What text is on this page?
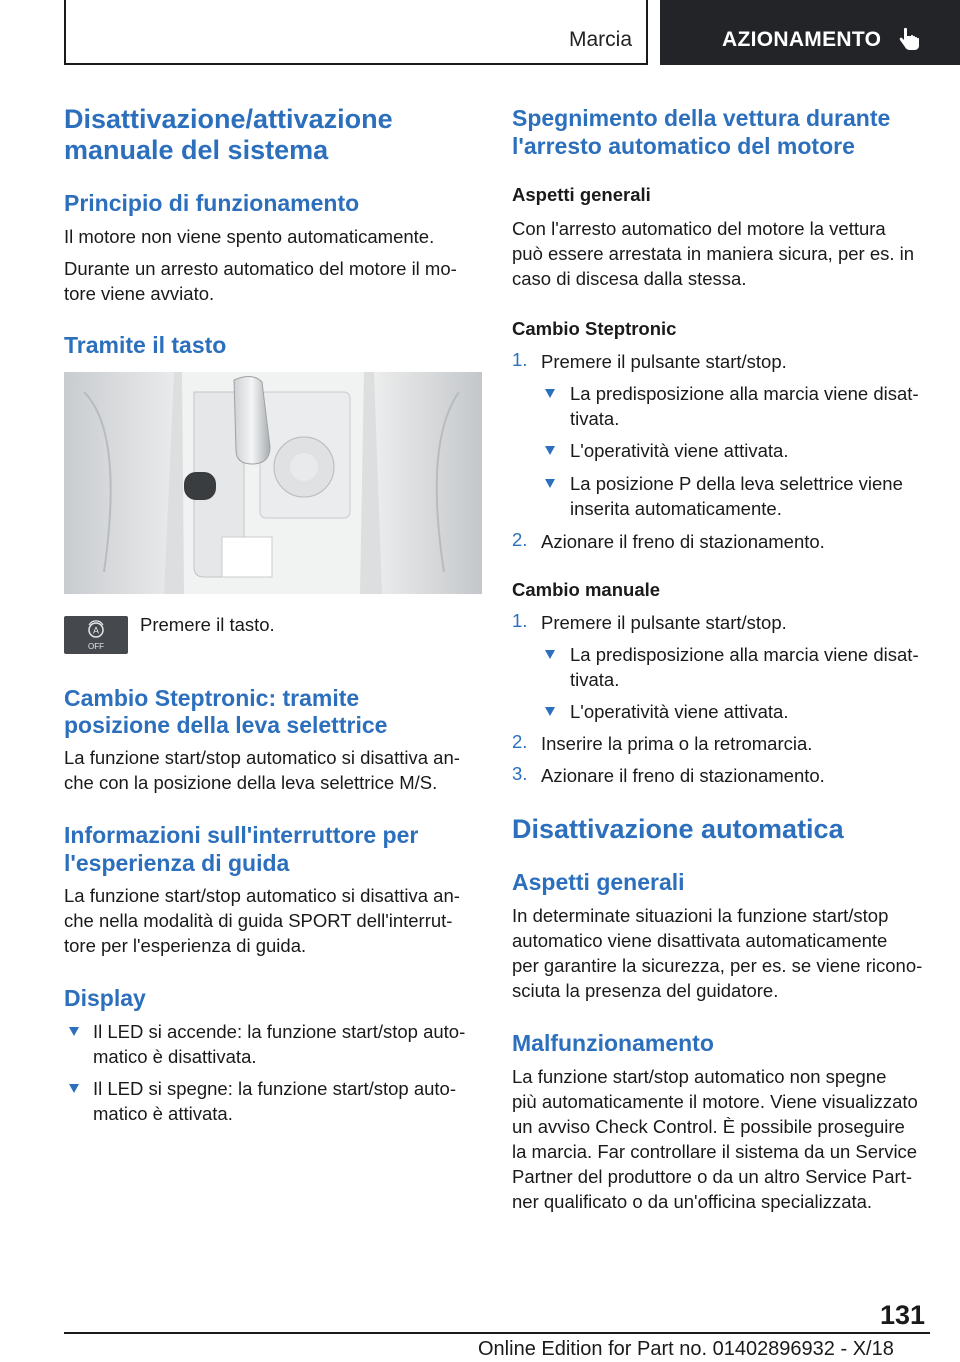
Marcia	AZIONAMENTO
Disattivazione/attivazione manuale del sistema
Principio di funzionamento
Il motore non viene spento automaticamente.
Durante un arresto automatico del motore il mo-
tore viene avviato.
Tramite il tasto
A
OFF
Premere il tasto.
Cambio Steptronic: tramite
posizione della leva selettrice
La funzione start/stop automatico si disattiva an-
che con la posizione della leva selettrice M/S.
Informazioni sull'interruttore per
l'esperienza di guida
La funzione start/stop automatico si disattiva an-
che nella modalità di guida SPORT dell'interrut-
tore per l'esperienza di guida.
Display
Il LED si accende: la funzione start/stop auto-
matico è disattivata.
Il LED si spegne: la funzione start/stop auto-
matico è attivata.
Spegnimento della vettura durante
l'arresto automatico del motore
Aspetti generali
Con l'arresto automatico del motore la vettura
può essere arrestata in maniera sicura, per es. in
caso di discesa dalla stessa.
Cambio Steptronic
1. Premere il pulsante start/stop.
La predisposizione alla marcia viene disat-
tivata.
L'operatività viene attivata.
La posizione P della leva selettrice viene
inserita automaticamente.
2. Azionare il freno di stazionamento.
Cambio manuale
1. Premere il pulsante start/stop.
La predisposizione alla marcia viene disat-
tivata.
L'operatività viene attivata.
2. Inserire la prima o la retromarcia.
3. Azionare il freno di stazionamento.
Disattivazione automatica
Aspetti generali
In determinate situazioni la funzione start/stop
automatico viene disattivata automaticamente
per garantire la sicurezza, per es. se viene ricono-
sciuta la presenza del guidatore.
Malfunzionamento
La funzione start/stop automatico non spegne
più automaticamente il motore. Viene visualizzato
un avviso Check Control. È possibile proseguire
la marcia. Far controllare il sistema da un Service
Partner del produttore o da un altro Service Part-
ner qualificato o da un'officina specializzata.
131
Online Edition for Part no. 01402896932 - X/18
